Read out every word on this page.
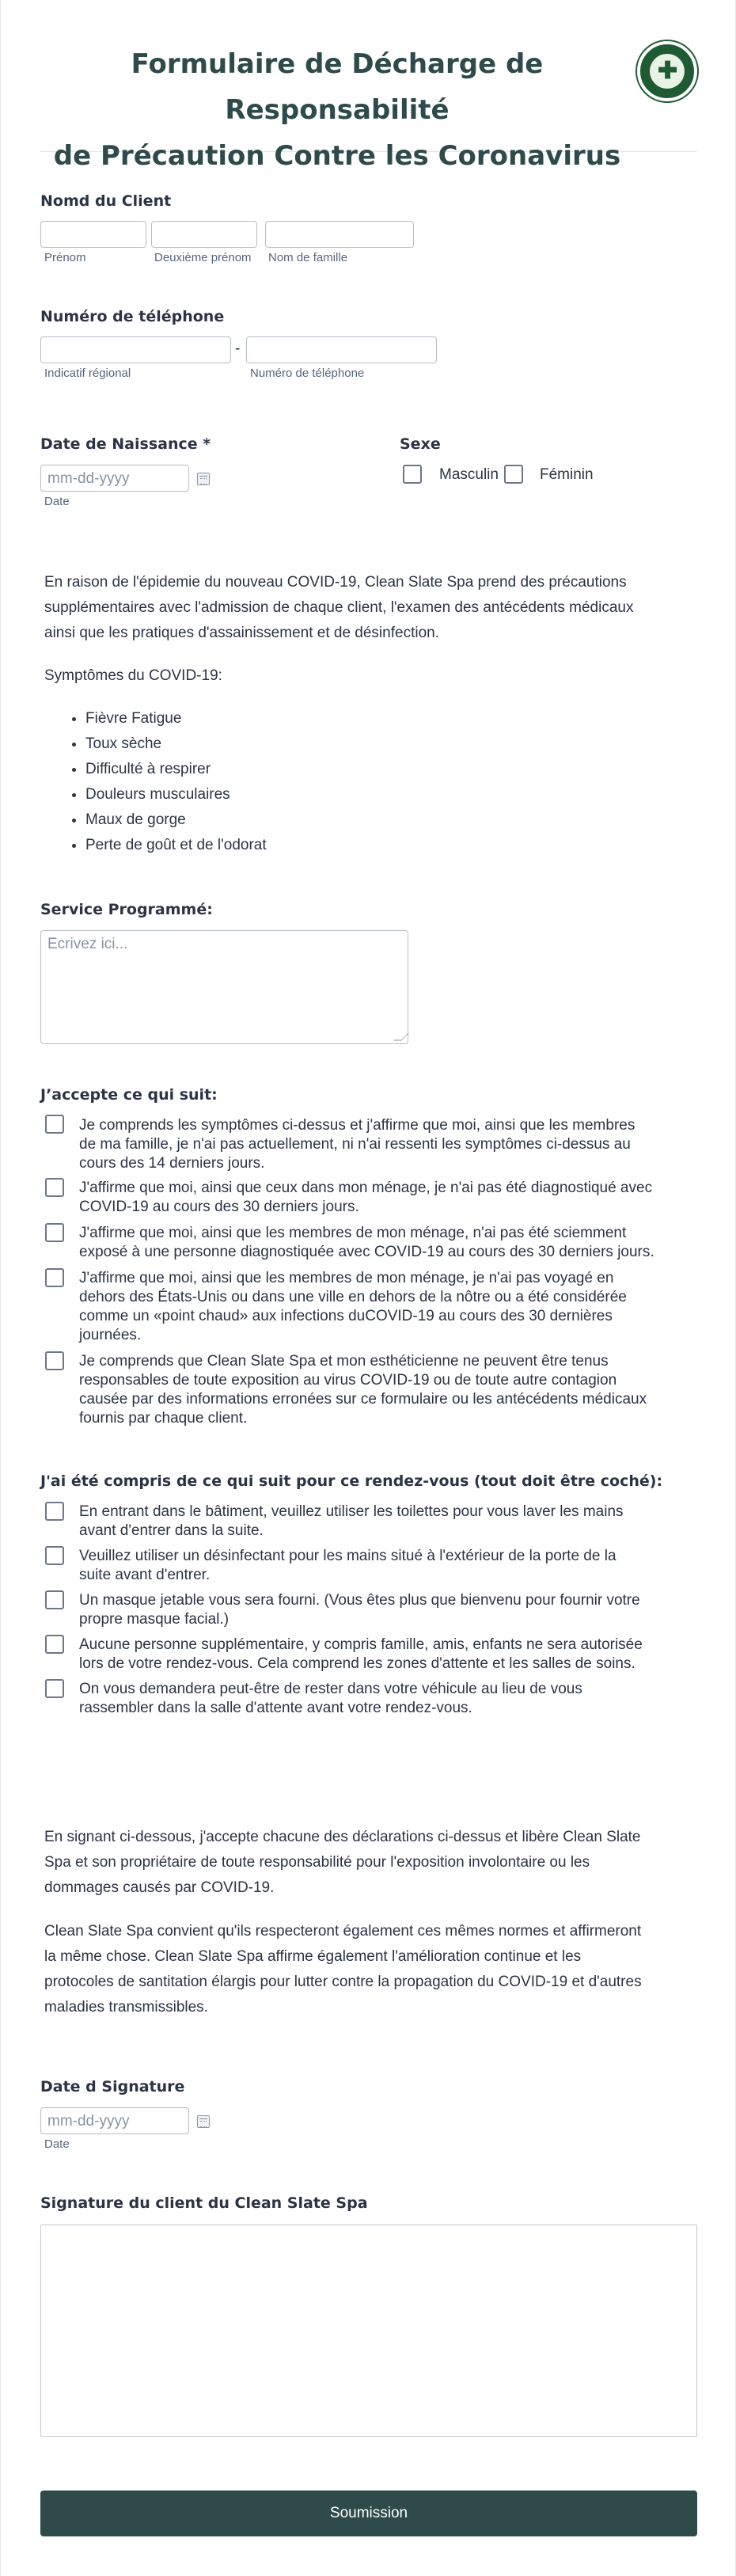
Formulaire de Décharge de Responsabilité
de Précaution Contre les Coronavirus
✚
Nomd du Client
Prénom	Deuxième prénom Nom de famille
Numéro de téléphone
-
Indicatif régional	Numéro de téléphone
Date de Naissance *
mm-dd-yyyy
Date
Sexe
Masculin	Féminin
En raison de l'épidemie du nouveau COVID-19, Clean Slate Spa prend des précautions
supplémentaires avec l'admission de chaque client, l'examen des antécédents médicaux
ainsi que les pratiques d'assainissement et de désinfection.
Symptômes du COVID-19:
• Fièvre Fatigue
• Toux sèche
• Difficulté à respirer
• Douleurs musculaires
• Maux de gorge
• Perte de goût et de l'odorat
Service Programmé:
Ecrivez ici...
J’accepte ce qui suit:
Je comprends les symptômes ci-dessus et j'affirme que moi, ainsi que les membres
de ma famille, je n'ai pas actuellement, ni n'ai ressenti les symptômes ci-dessus au
cours des 14 derniers jours.
J'affirme que moi, ainsi que ceux dans mon ménage, je n'ai pas été diagnostiqué avec
COVID-19 au cours des 30 derniers jours.
J'affirme que moi, ainsi que les membres de mon ménage, n'ai pas été sciemment
exposé à une personne diagnostiquée avec COVID-19 au cours des 30 derniers jours.
J'affirme que moi, ainsi que les membres de mon ménage, je n'ai pas voyagé en
dehors des États-Unis ou dans une ville en dehors de la nôtre ou a été considérée
comme un «point chaud» aux infections duCOVID-19 au cours des 30 dernières
journées.
Je comprends que Clean Slate Spa et mon esthéticienne ne peuvent être tenus
responsables de toute exposition au virus COVID-19 ou de toute autre contagion
causée par des informations erronées sur ce formulaire ou les antécédents médicaux
fournis par chaque client.
J'ai été compris de ce qui suit pour ce rendez-vous (tout doit être coché):
En entrant dans le bâtiment, veuillez utiliser les toilettes pour vous laver les mains
avant d'entrer dans la suite.
Veuillez utiliser un désinfectant pour les mains situé à l'extérieur de la porte de la
suite avant d'entrer.
Un masque jetable vous sera fourni. (Vous êtes plus que bienvenu pour fournir votre
propre masque facial.)
Aucune personne supplémentaire, y compris famille, amis, enfants ne sera autorisée
lors de votre rendez-vous. Cela comprend les zones d'attente et les salles de soins.
On vous demandera peut-être de rester dans votre véhicule au lieu de vous
rassembler dans la salle d'attente avant votre rendez-vous.
En signant ci-dessous, j'accepte chacune des déclarations ci-dessus et libère Clean Slate
Spa et son propriétaire de toute responsabilité pour l'exposition involontaire ou les
dommages causés par COVID-19.
Clean Slate Spa convient qu'ils respecteront également ces mêmes normes et affirmeront
la même chose. Clean Slate Spa affirme également l'amélioration continue et les
protocoles de santitation élargis pour lutter contre la propagation du COVID-19 et d'autres
maladies transmissibles.
Date d Signature
mm-dd-yyyy
Date
Signature du client du Clean Slate Spa
Soumission
